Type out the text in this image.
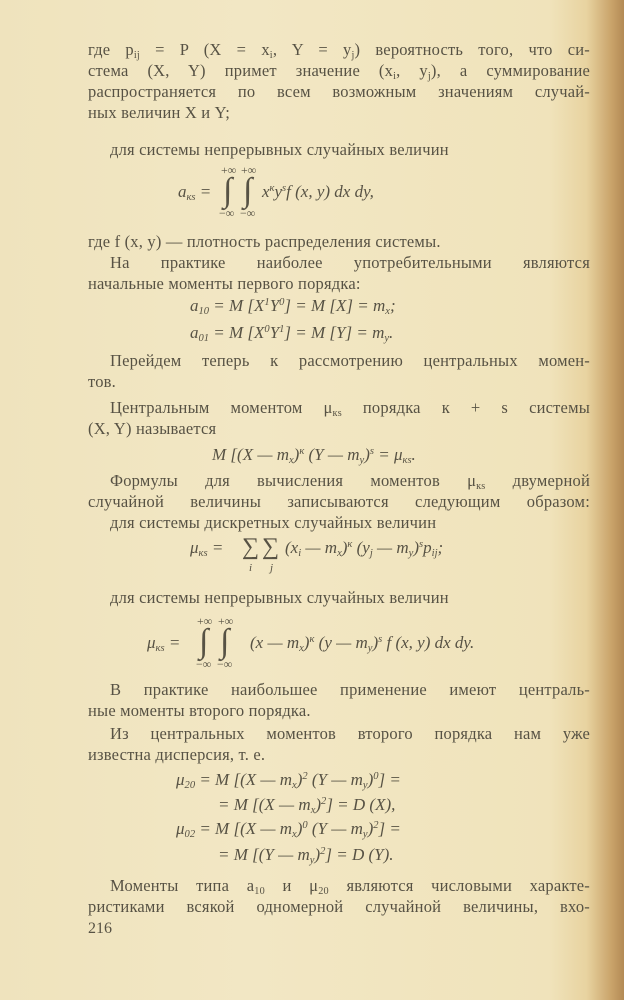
где $p_{ij} = P$ ($X = x_i$, $Y = y_j$) вероятность того, что си-
стема (X, Y) примет значение ($x_i$, $y_j$), а суммирование
распространяется по всем возможным значениям случай-
ных величин X и Y;
для системы непрерывных случайных величин
$a_{кs}$ =
+∞ +∞
∫ ∫
−∞ −∞
$x^кy^sf$ (x, y) dx dy,
где f (x, y) — плотность распределения системы.
На практике наиболее употребительными являются
начальные моменты первого порядка:
$a_{10} = M$ $[X^1Y^0] = M$ $[X] = m_x$;
$a_{01} = M$ $[X^0Y^1] = M$ $[Y] = m_y$.
Перейдем теперь к рассмотрению центральных момен-
тов.
Центральным моментом $\mu_{кs}$ порядка к + s системы
(X, Y) называется
M [(X — $m_x)^к$ (Y — $m_y)^s = \mu_{кs}$.
Формулы для вычисления моментов $\mu_{кs}$ двумерной
случайной величины записываются следующим образом:
для системы дискретных случайных величин
$\mu_{кs}$ = ∑
i
∑
j
($x_i$ — $m_x)^к$ ($y_j$ — $m_y)^sp_{ij}$;
для системы непрерывных случайных величин
$\mu_{кs}$ =
+∞ +∞
∫ ∫
−∞ −∞
(x — $m_x)^к$ (y — $m_y)^s$ f (x, y) dx dy.
В практике наибольшее применение имеют централь-
ные моменты второго порядка.
Из центральных моментов второго порядка нам уже
известна дисперсия, т. е.
$\mu_{20} = M$ [(X — $m_x)^2$ (Y — $m_y)^0$] =
= M [(X — $m_x)^2] = D$ (X),
$\mu_{02} = M$ [(X — $m_x)^0$ (Y — $m_y)^2$] =
= M [(Y — $m_y)^2] = D$ (Y).
Моменты типа $a_{10}$ и $\mu_{20}$ являются числовыми характе-
ристиками всякой одномерной случайной величины, вхо-
216
